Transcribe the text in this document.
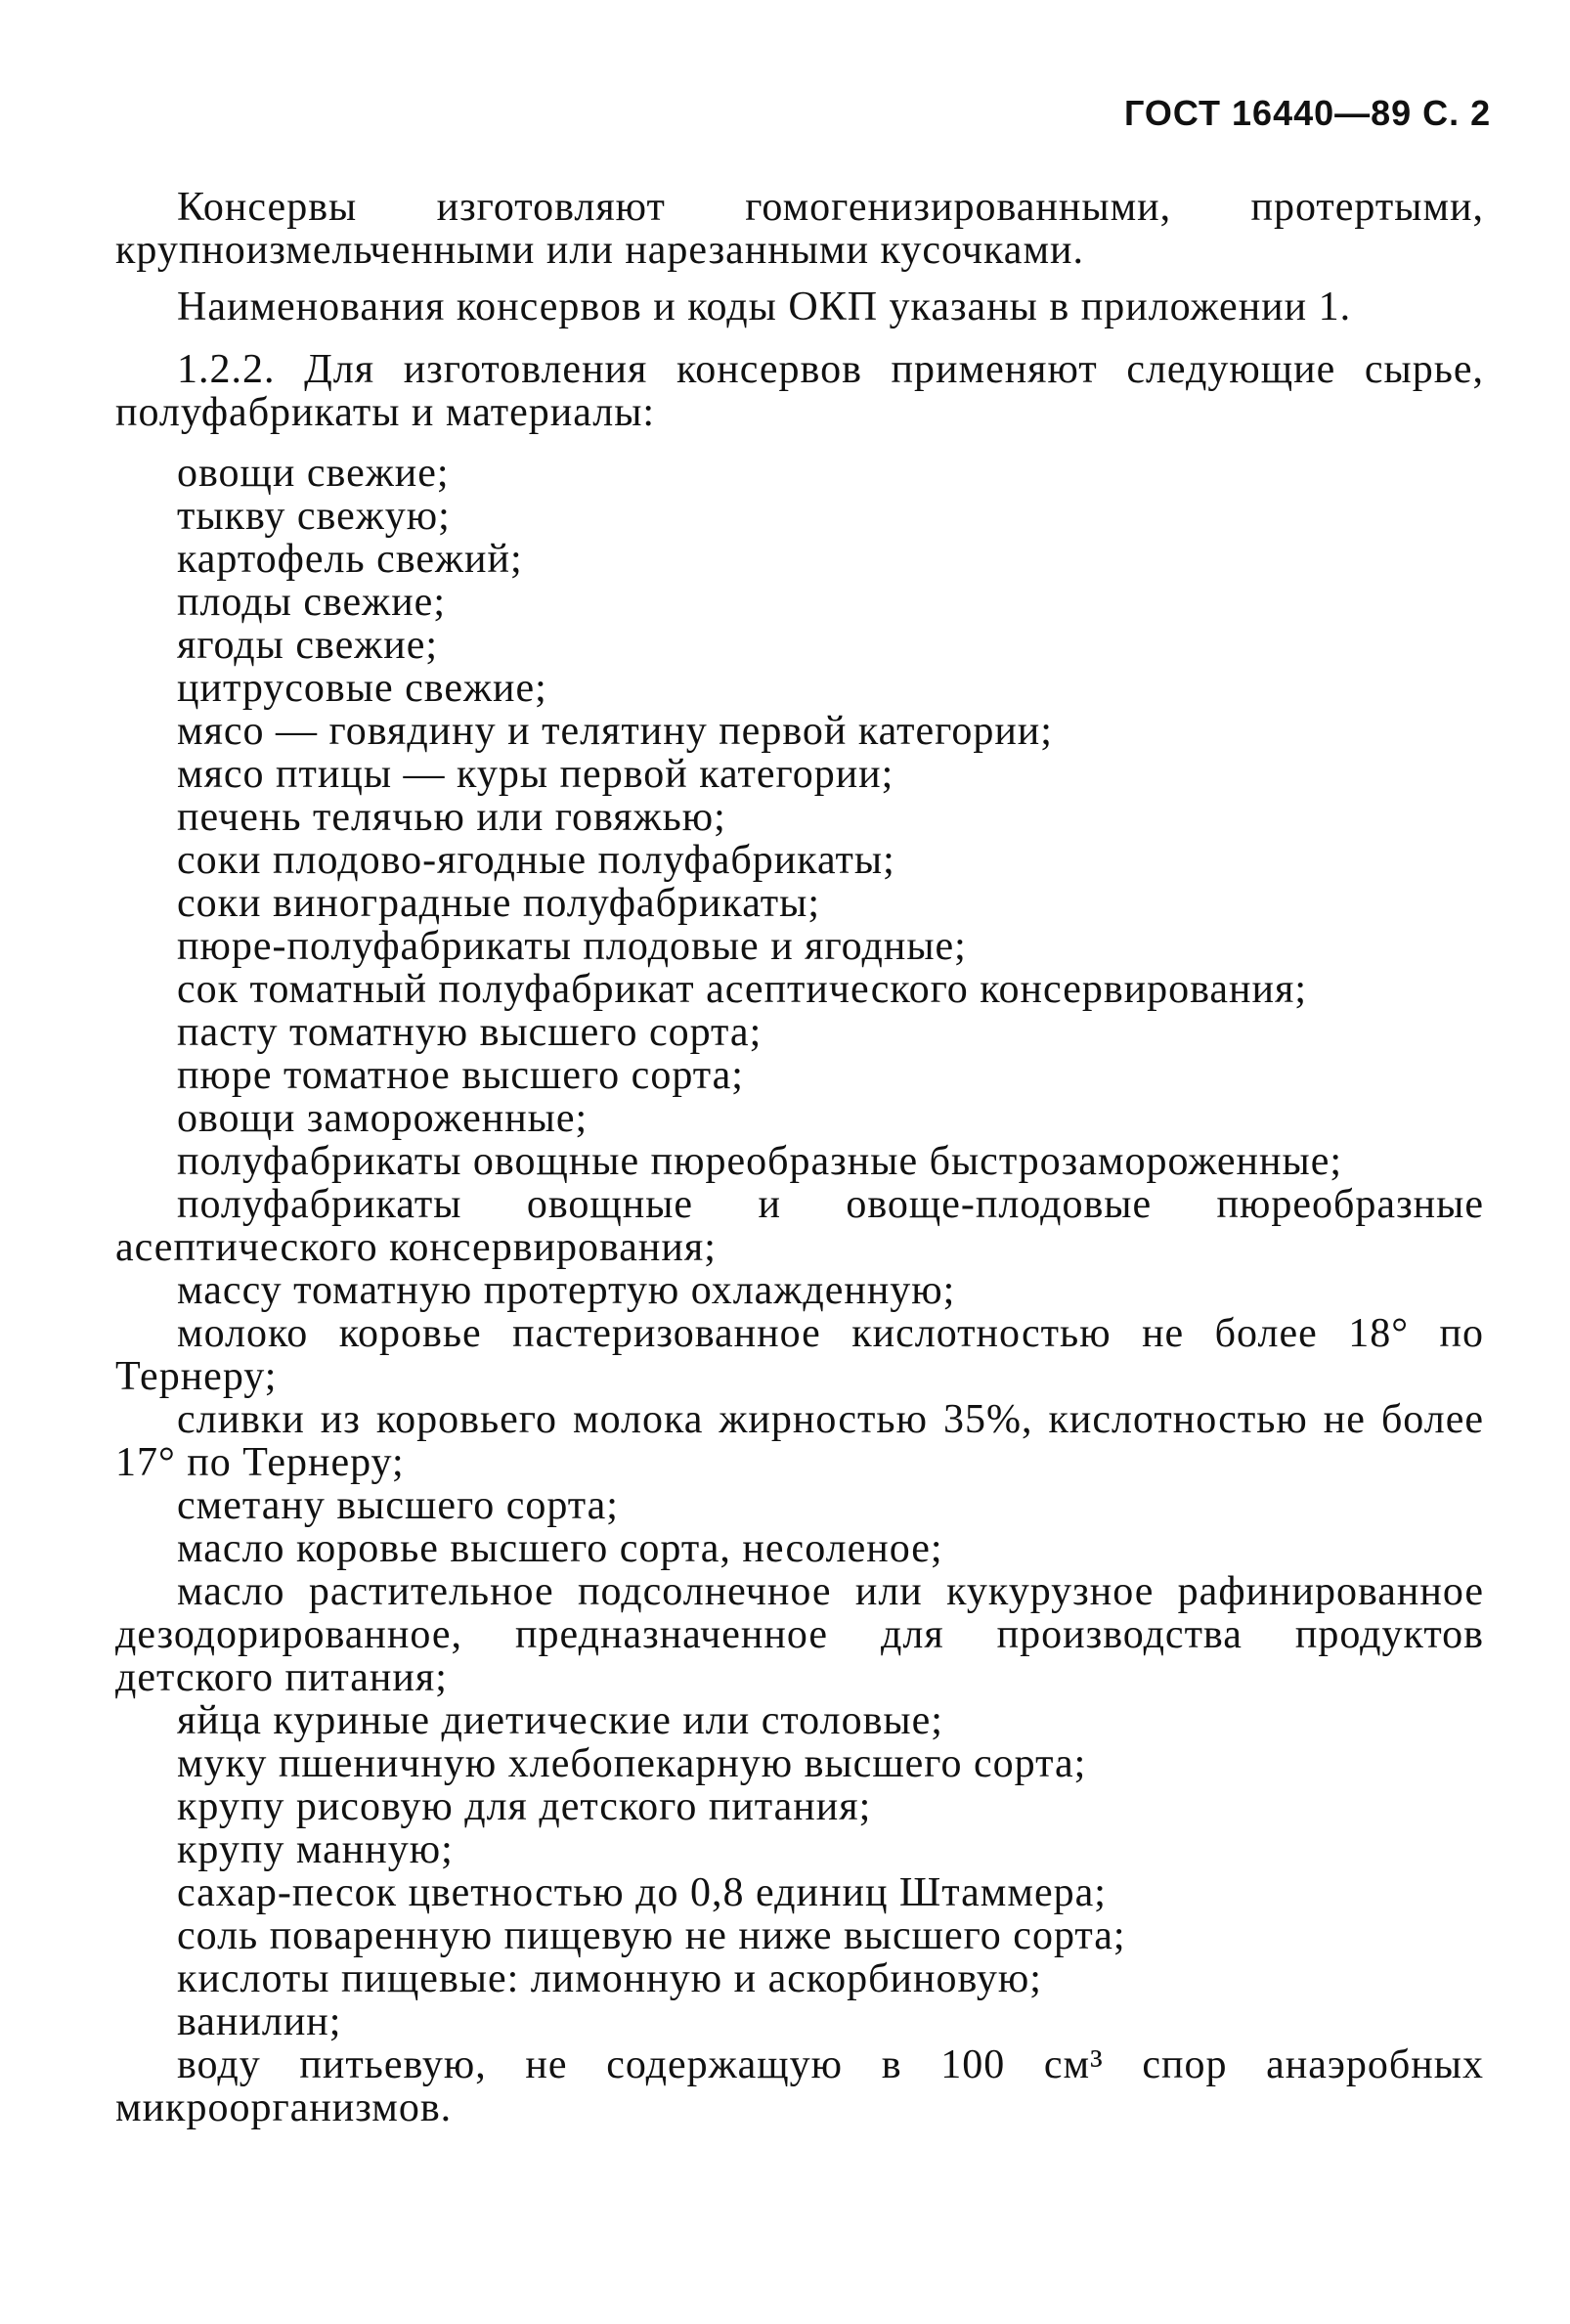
ГОСТ 16440—89 С. 2

Консервы изготовляют гомогенизированными, протертыми, крупноизмельченными или нарезанными кусочками.

Наименования консервов и коды ОКП указаны в приложении 1.

1.2.2. Для изготовления консервов применяют следующие сырье, полуфабрикаты и материалы:

овощи свежие;
тыкву свежую;
картофель свежий;
плоды свежие;
ягоды свежие;
цитрусовые свежие;
мясо — говядину и телятину первой категории;
мясо птицы — куры первой категории;
печень телячью или говяжью;
соки плодово-ягодные полуфабрикаты;
соки виноградные полуфабрикаты;
пюре-полуфабрикаты плодовые и ягодные;
сок томатный полуфабрикат асептического консервирования;
пасту томатную высшего сорта;
пюре томатное высшего сорта;
овощи замороженные;
полуфабрикаты овощные пюреобразные быстрозамороженные;
полуфабрикаты овощные и овоще-плодовые пюреобразные асептического консервирования;
массу томатную протертую охлажденную;
молоко коровье пастеризованное кислотностью не более 18° по Тернеру;
сливки из коровьего молока жирностью 35%, кислотностью не более 17° по Тернеру;
сметану высшего сорта;
масло коровье высшего сорта, несоленое;
масло растительное подсолнечное или кукурузное рафинированное дезодорированное, предназначенное для производства продуктов детского питания;
яйца куриные диетические или столовые;
муку пшеничную хлебопекарную высшего сорта;
крупу рисовую для детского питания;
крупу манную;
сахар-песок цветностью до 0,8 единиц Штаммера;
соль поваренную пищевую не ниже высшего сорта;
кислоты пищевые: лимонную и аскорбиновую;
ванилин;
воду питьевую, не содержащую в 100 см³ спор анаэробных микроорганизмов.
